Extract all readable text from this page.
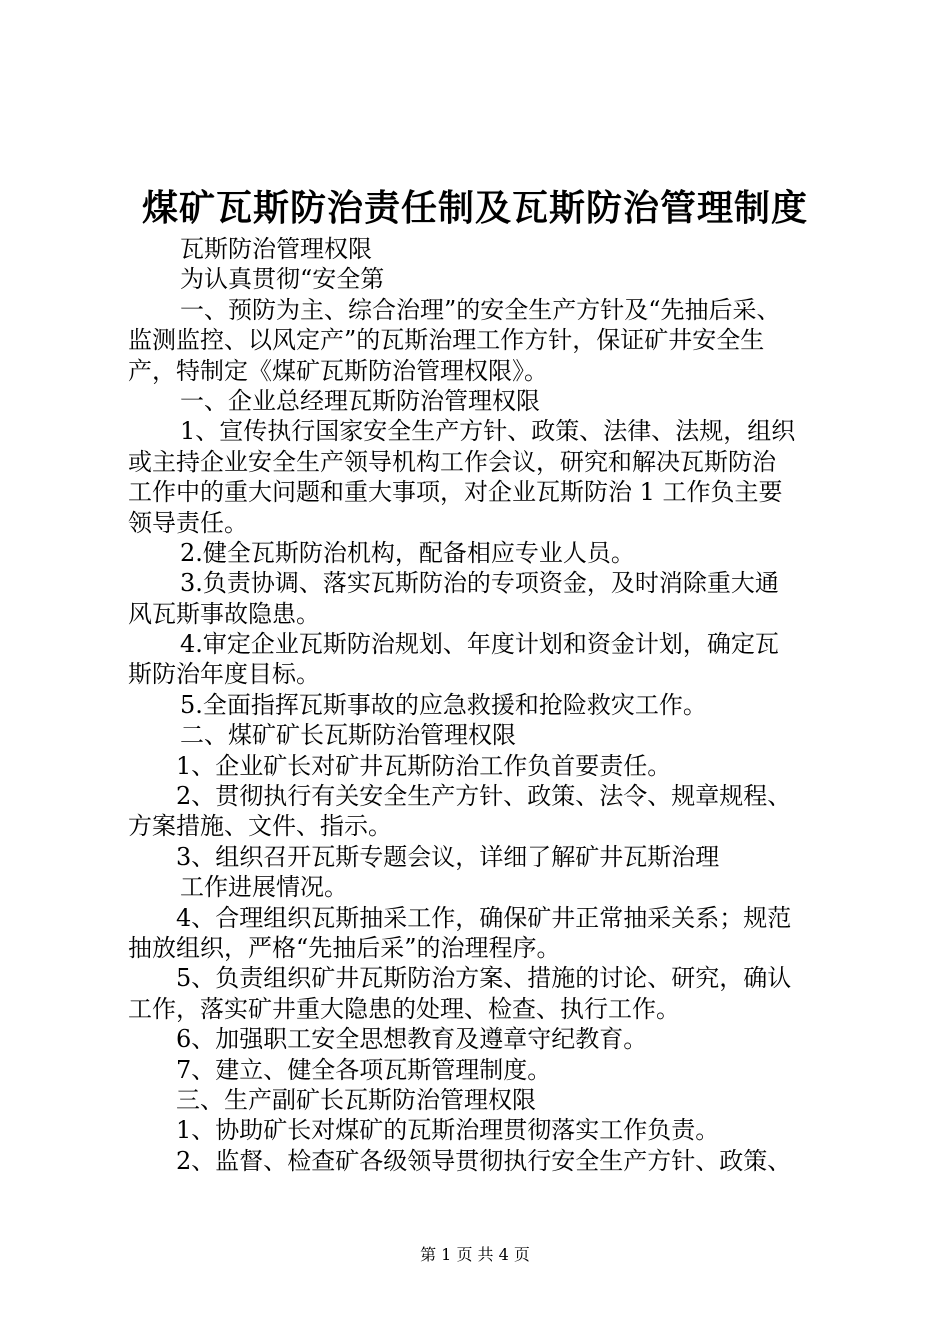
煤矿瓦斯防治责任制及瓦斯防治管理制度
瓦斯防治管理权限
为认真贯彻“安全第
一、预防为主、综合治理”的安全生产方针及“先抽后采、
监测监控、以风定产”的瓦斯治理工作方针，保证矿井安全生
产，特制定《煤矿瓦斯防治管理权限》。
一、企业总经理瓦斯防治管理权限
1、宣传执行国家安全生产方针、政策、法律、法规，组织
或主持企业安全生产领导机构工作会议，研究和解决瓦斯防治
工作中的重大问题和重大事项，对企业瓦斯防治 1 工作负主要
领导责任。
2.健全瓦斯防治机构，配备相应专业人员。
3.负责协调、落实瓦斯防治的专项资金，及时消除重大通
风瓦斯事故隐患。
4.审定企业瓦斯防治规划、年度计划和资金计划，确定瓦
斯防治年度目标。
5.全面指挥瓦斯事故的应急救援和抢险救灾工作。
二、煤矿矿长瓦斯防治管理权限
1、企业矿长对矿井瓦斯防治工作负首要责任。
2、贯彻执行有关安全生产方针、政策、法令、规章规程、
方案措施、文件、指示。
3、组织召开瓦斯专题会议，详细了解矿井瓦斯治理
工作进展情况。
4、合理组织瓦斯抽采工作，确保矿井正常抽采关系；规范
抽放组织，严格“先抽后采”的治理程序。
5、负责组织矿井瓦斯防治方案、措施的讨论、研究，确认
工作，落实矿井重大隐患的处理、检查、执行工作。
6、加强职工安全思想教育及遵章守纪教育。
7、建立、健全各项瓦斯管理制度。
三、生产副矿长瓦斯防治管理权限
1、协助矿长对煤矿的瓦斯治理贯彻落实工作负责。
2、监督、检查矿各级领导贯彻执行安全生产方针、政策、
第 1 页 共 4 页
